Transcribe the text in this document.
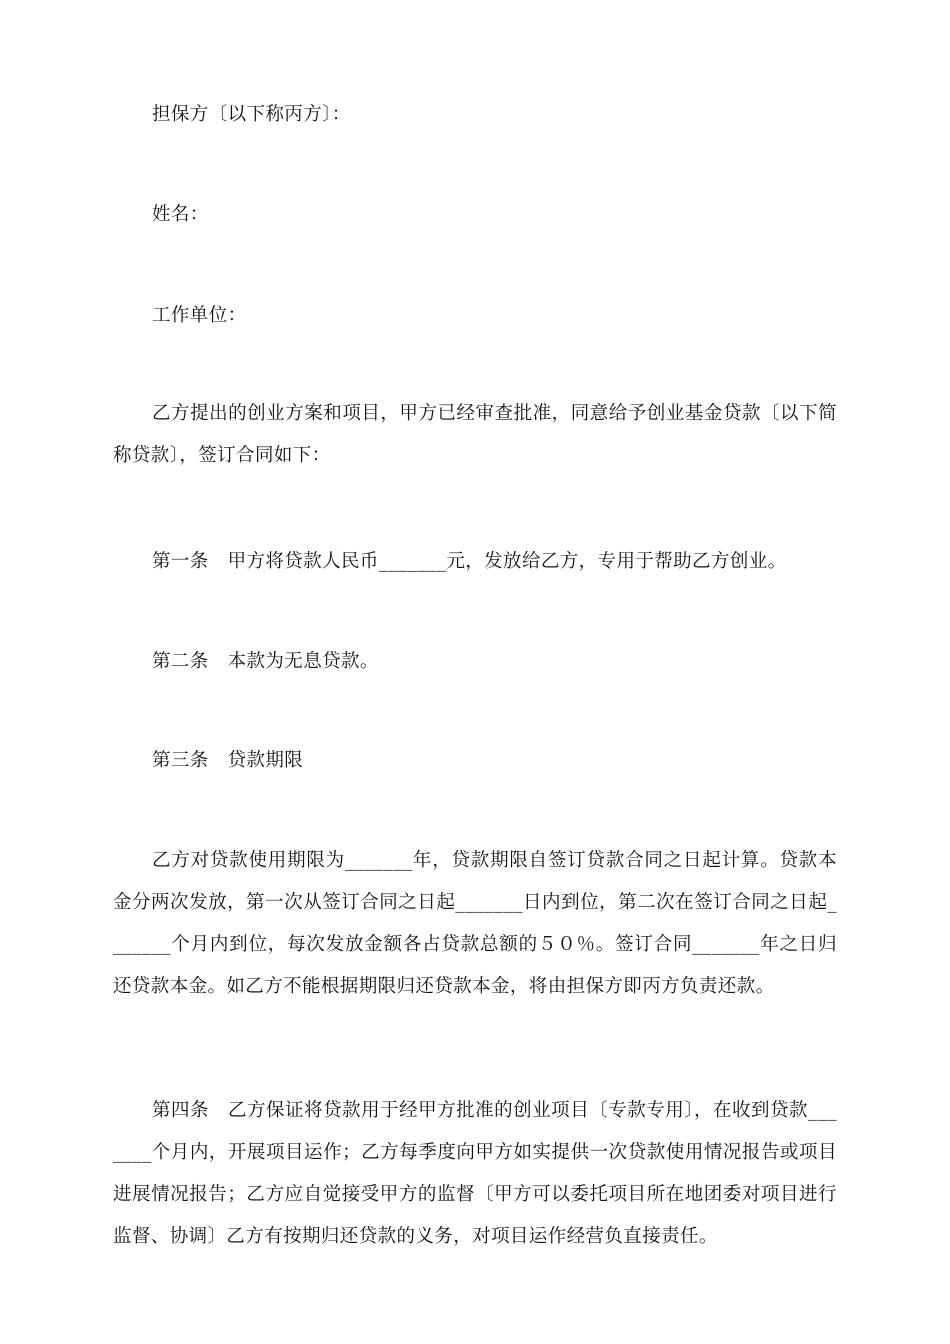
担保方〔以下称丙方〕：

姓名：

工作单位：

乙方提出的创业方案和项目，甲方已经审查批准，同意给予创业基金贷款〔以下简称贷款〕，签订合同如下：

第一条　甲方将贷款人民币_______元，发放给乙方，专用于帮助乙方创业。

第二条　本款为无息贷款。

第三条　贷款期限

乙方对贷款使用期限为_______年，贷款期限自签订贷款合同之日起计算。贷款本金分两次发放，第一次从签订合同之日起_______日内到位，第二次在签订合同之日起_______个月内到位，每次发放金额各占贷款总额的５０％。签订合同_______年之日归还贷款本金。如乙方不能根据期限归还贷款本金，将由担保方即丙方负责还款。

第四条　乙方保证将贷款用于经甲方批准的创业项目〔专款专用〕，在收到贷款_______个月内，开展项目运作；乙方每季度向甲方如实提供一次贷款使用情况报告或项目进展情况报告；乙方应自觉接受甲方的监督〔甲方可以委托项目所在地团委对项目进行监督、协调〕乙方有按期归还贷款的义务，对项目运作经营负直接责任。
